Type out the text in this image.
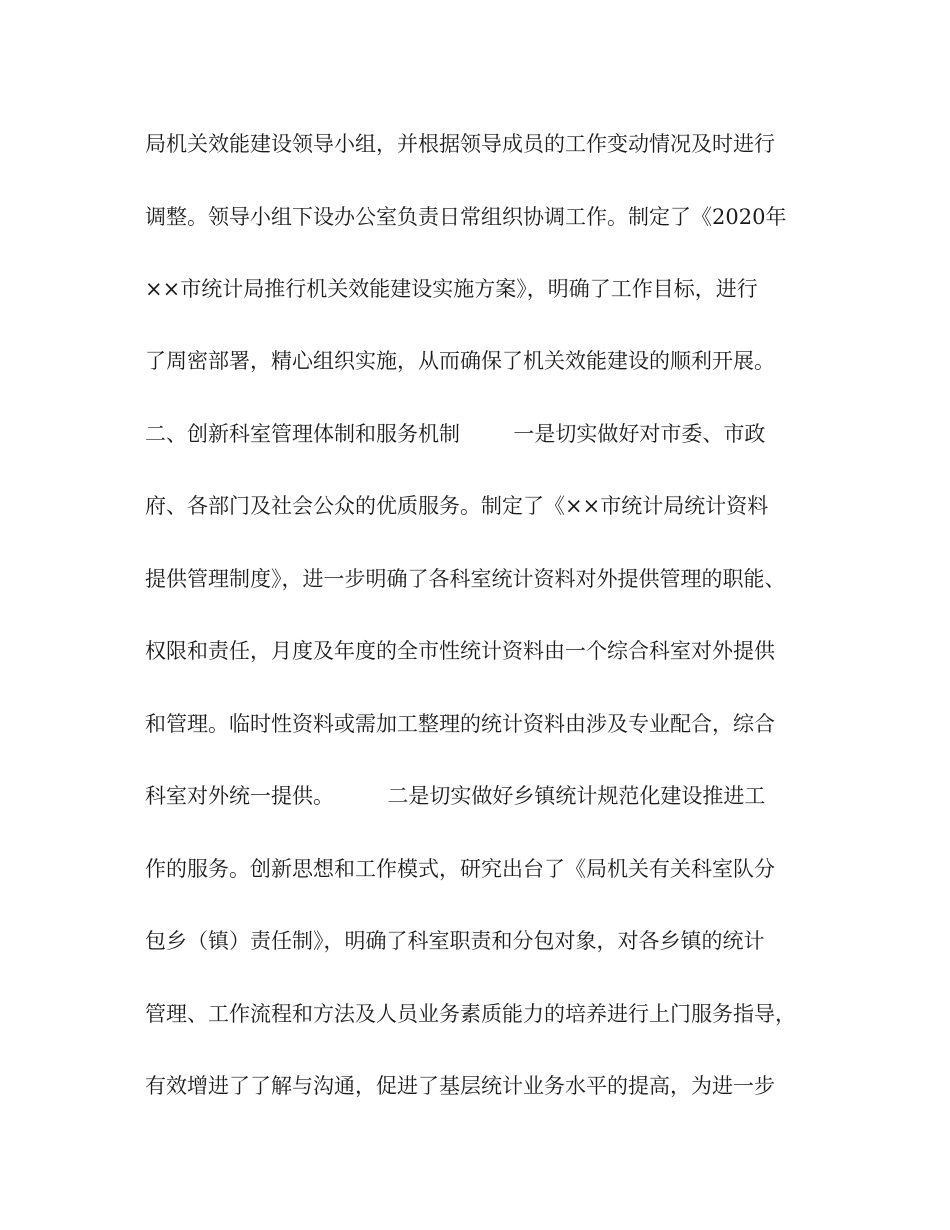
局机关效能建设领导小组，并根据领导成员的工作变动情况及时进行
调整。领导小组下设办公室负责日常组织协调工作。制定了《2020年
××市统计局推行机关效能建设实施方案》，明确了工作目标，进行
了周密部署，精心组织实施，从而确保了机关效能建设的顺利开展。
二、创新科室管理体制和服务机制        一是切实做好对市委、市政
府、各部门及社会公众的优质服务。制定了《××市统计局统计资料
提供管理制度》，进一步明确了各科室统计资料对外提供管理的职能、
权限和责任，月度及年度的全市性统计资料由一个综合科室对外提供
和管理。临时性资料或需加工整理的统计资料由涉及专业配合，综合
科室对外统一提供。        二是切实做好乡镇统计规范化建设推进工
作的服务。创新思想和工作模式，研究出台了《局机关有关科室队分
包乡（镇）责任制》，明确了科室职责和分包对象，对各乡镇的统计
管理、工作流程和方法及人员业务素质能力的培养进行上门服务指导，
有效增进了了解与沟通，促进了基层统计业务水平的提高，为进一步
